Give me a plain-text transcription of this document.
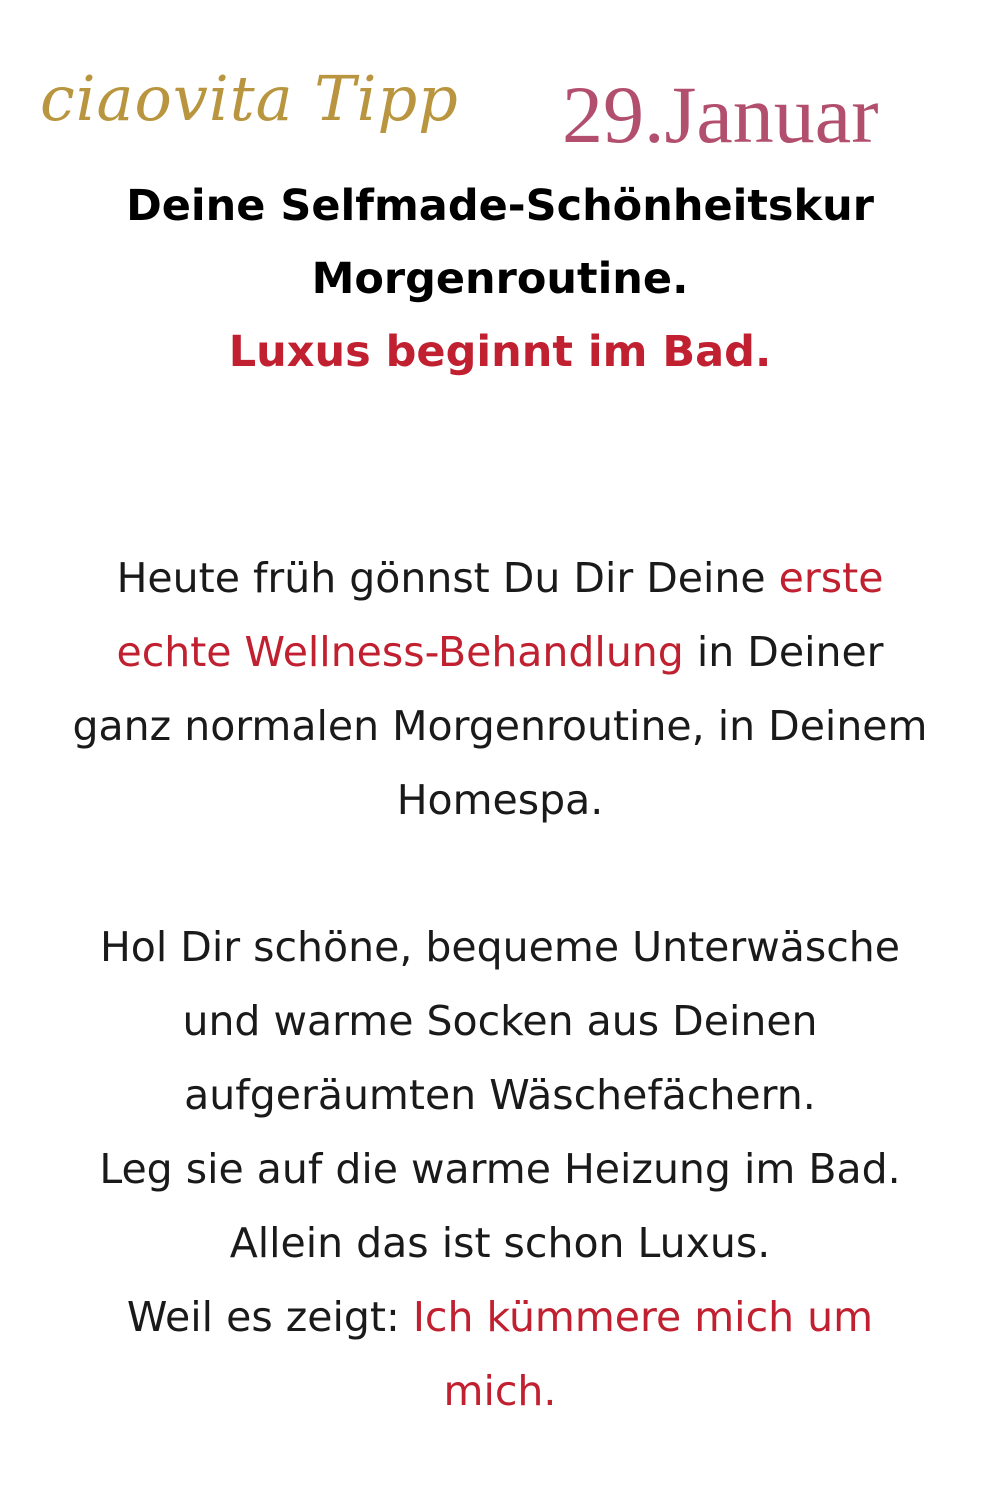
ciaovita Tipp 29.Januar
Deine Selfmade-Schönheitskur
Morgenroutine.
Luxus beginnt im Bad.
Heute früh gönnst Du Dir Deine erste
echte Wellness-Behandlung in Deiner
ganz normalen Morgenroutine, in Deinem
Homespa.
Hol Dir schöne, bequeme Unterwäsche
und warme Socken aus Deinen
aufgeräumten Wäschefächern.
Leg sie auf die warme Heizung im Bad.
Allein das ist schon Luxus.
Weil es zeigt: Ich kümmere mich um
mich.
